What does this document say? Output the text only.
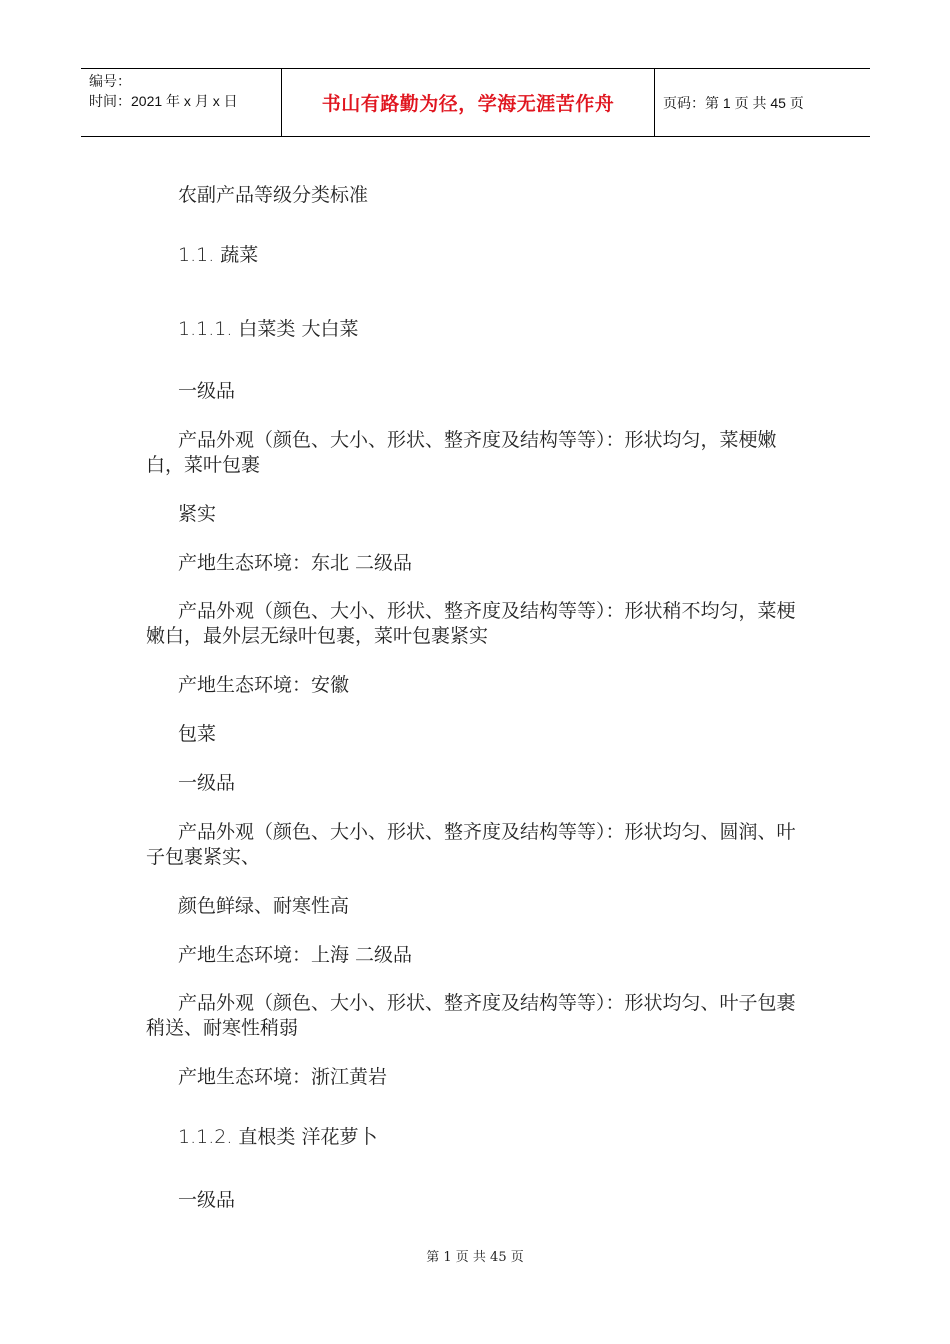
编号：
时间：2021 年 x 月 x 日	书山有路勤为径，学海无涯苦作舟	页码：第 1 页 共 45 页
农副产品等级分类标准
1.1. 蔬菜
1.1.1. 白菜类 大白菜
一级品
产品外观（颜色、大小、形状、整齐度及结构等等）：形状均匀，菜梗嫩白，菜叶包裹
紧实
产地生态环境：东北 二级品
产品外观（颜色、大小、形状、整齐度及结构等等）：形状稍不均匀，菜梗嫩白，最外层无绿叶包裹，菜叶包裹紧实
产地生态环境：安徽
包菜
一级品
产品外观（颜色、大小、形状、整齐度及结构等等）：形状均匀、圆润、叶子包裹紧实、
颜色鲜绿、耐寒性高
产地生态环境：上海 二级品
产品外观（颜色、大小、形状、整齐度及结构等等）：形状均匀、叶子包裹稍送、耐寒性稍弱
产地生态环境：浙江黄岩
1.1.2. 直根类 洋花萝卜
一级品
第 1 页 共 45 页
